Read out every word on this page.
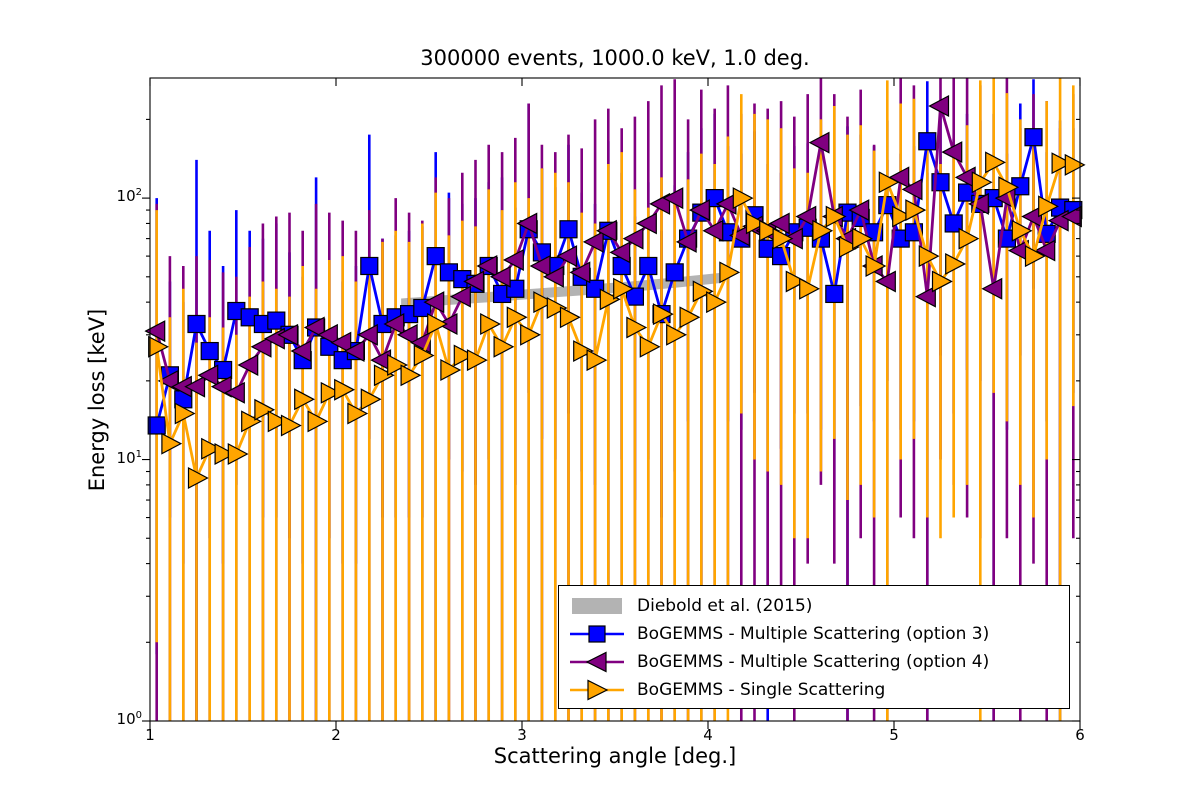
300000 events, 1000.0 keV, 1.0 deg.
Scattering angle [deg.]
Energy loss [keV]
1	2	3	4	5	6
$10^0$
$10^1$
$10^2$
Diebold et al. (2015)
BoGEMMS - Multiple Scattering (option 3)
BoGEMMS - Multiple Scattering (option 4)
BoGEMMS - Single Scattering
